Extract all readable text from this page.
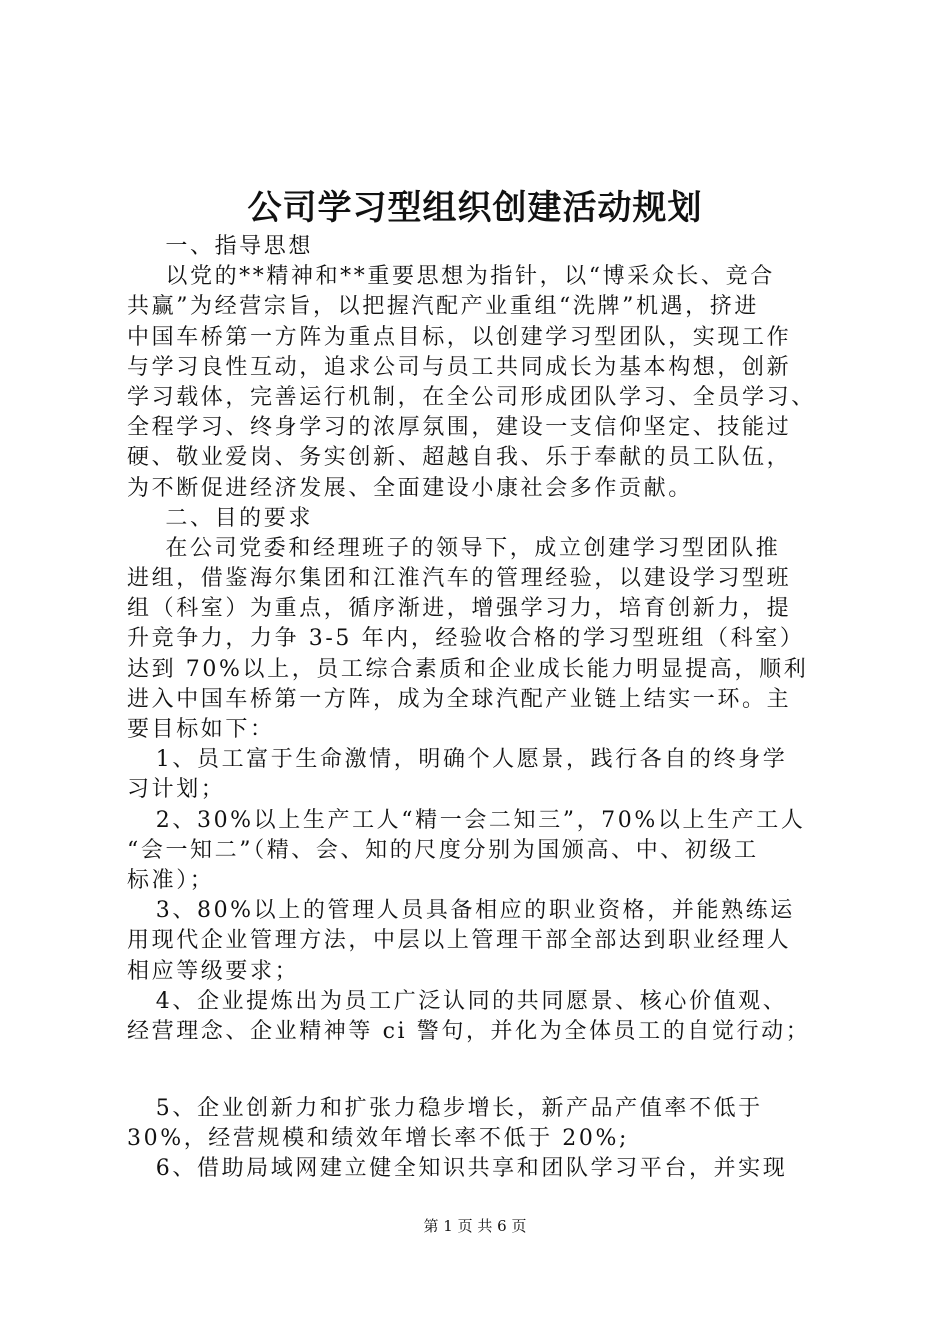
公司学习型组织创建活动规划
一、指导思想
以党的**精神和**重要思想为指针，以“博采众长、竞合
共赢”为经营宗旨，以把握汽配产业重组“洗牌”机遇，挤进
中国车桥第一方阵为重点目标，以创建学习型团队，实现工作
与学习良性互动，追求公司与员工共同成长为基本构想，创新
学习载体，完善运行机制，在全公司形成团队学习、全员学习、
全程学习、终身学习的浓厚氛围，建设一支信仰坚定、技能过
硬、敬业爱岗、务实创新、超越自我、乐于奉献的员工队伍，
为不断促进经济发展、全面建设小康社会多作贡献。
二、目的要求
在公司党委和经理班子的领导下，成立创建学习型团队推
进组，借鉴海尔集团和江淮汽车的管理经验，以建设学习型班
组（科室）为重点，循序渐进，增强学习力，培育创新力，提
升竞争力，力争 3-5 年内，经验收合格的学习型班组（科室）
达到 70%以上，员工综合素质和企业成长能力明显提高，顺利
进入中国车桥第一方阵，成为全球汽配产业链上结实一环。主
要目标如下：
1、员工富于生命激情，明确个人愿景，践行各自的终身学
习计划；
2、30%以上生产工人“精一会二知三”，70%以上生产工人
“会一知二”（精、会、知的尺度分别为国颁高、中、初级工
标准）；
3、80%以上的管理人员具备相应的职业资格，并能熟练运
用现代企业管理方法，中层以上管理干部全部达到职业经理人
相应等级要求；
4、企业提炼出为员工广泛认同的共同愿景、核心价值观、
经营理念、企业精神等 ci 警句，并化为全体员工的自觉行动；
5、企业创新力和扩张力稳步增长，新产品产值率不低于
30%，经营规模和绩效年增长率不低于 20%;
6、借助局域网建立健全知识共享和团队学习平台，并实现
第 1 页 共 6 页
